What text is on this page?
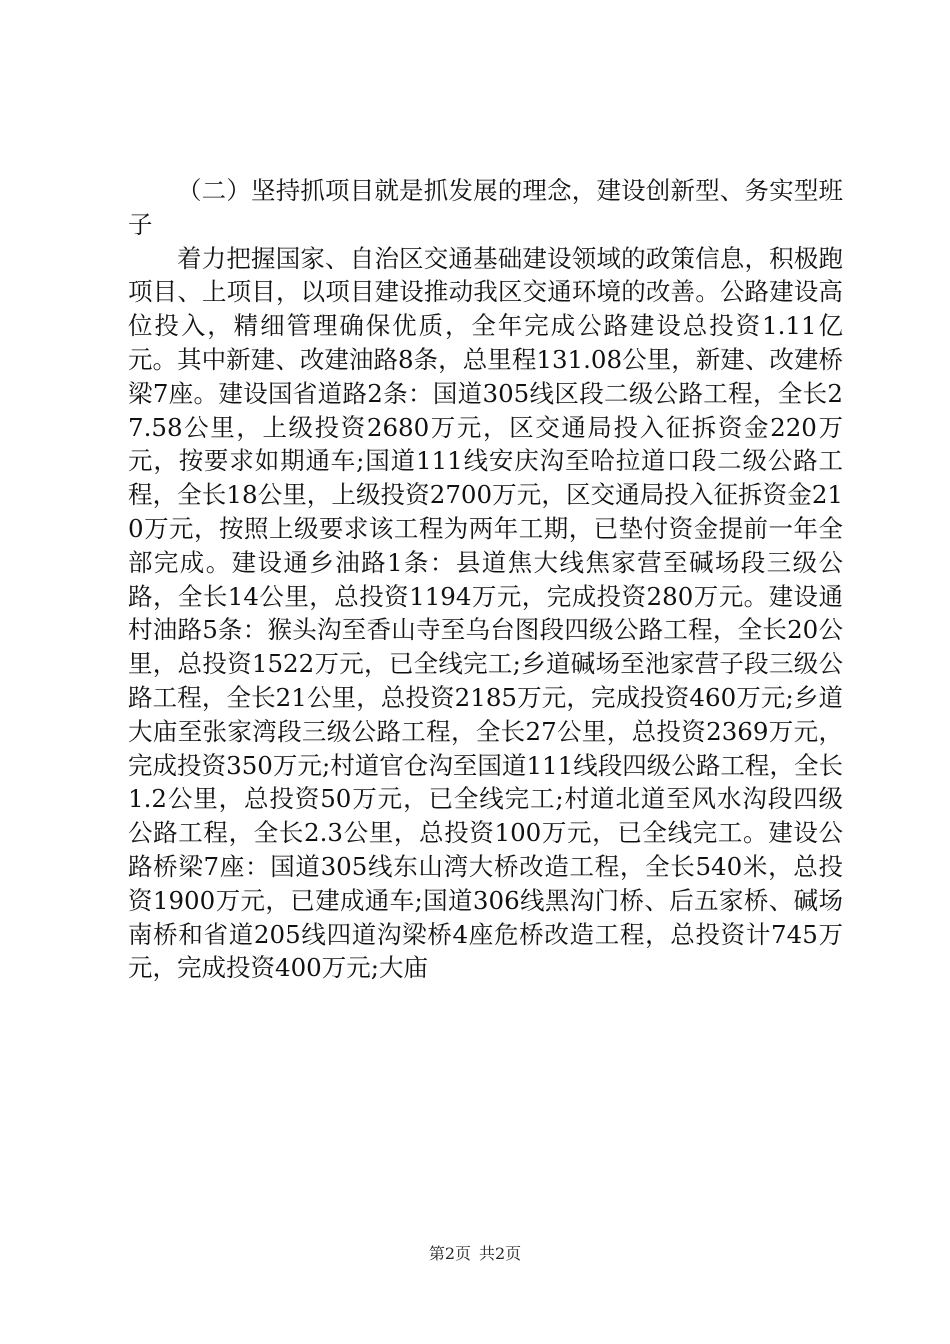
（二）坚持抓项目就是抓发展的理念，建设创新型、务实型班子

着力把握国家、自治区交通基础建设领域的政策信息，积极跑项目、上项目，以项目建设推动我区交通环境的改善。公路建设高位投入，精细管理确保优质，全年完成公路建设总投资1.11亿元。其中新建、改建油路8条，总里程131.08公里，新建、改建桥梁7座。建设国省道路2条：国道305线区段二级公路工程，全长27.58公里，上级投资2680万元，区交通局投入征拆资金220万元，按要求如期通车;国道111线安庆沟至哈拉道口段二级公路工程，全长18公里，上级投资2700万元，区交通局投入征拆资金210万元，按照上级要求该工程为两年工期，已垫付资金提前一年全部完成。建设通乡油路1条：县道焦大线焦家营至碱场段三级公路，全长14公里，总投资1194万元，完成投资280万元。建设通村油路5条：猴头沟至香山寺至乌台图段四级公路工程，全长20公里，总投资1522万元，已全线完工;乡道碱场至池家营子段三级公路工程，全长21公里，总投资2185万元，完成投资460万元;乡道大庙至张家湾段三级公路工程，全长27公里，总投资2369万元，完成投资350万元;村道官仓沟至国道111线段四级公路工程，全长1.2公里，总投资50万元，已全线完工;村道北道至风水沟段四级公路工程，全长2.3公里，总投资100万元，已全线完工。建设公路桥梁7座：国道305线东山湾大桥改造工程，全长540米，总投资1900万元，已建成通车;国道306线黑沟门桥、后五家桥、碱场南桥和省道205线四道沟梁桥4座危桥改造工程，总投资计745万元，完成投资400万元;大庙

第2页 共2页
